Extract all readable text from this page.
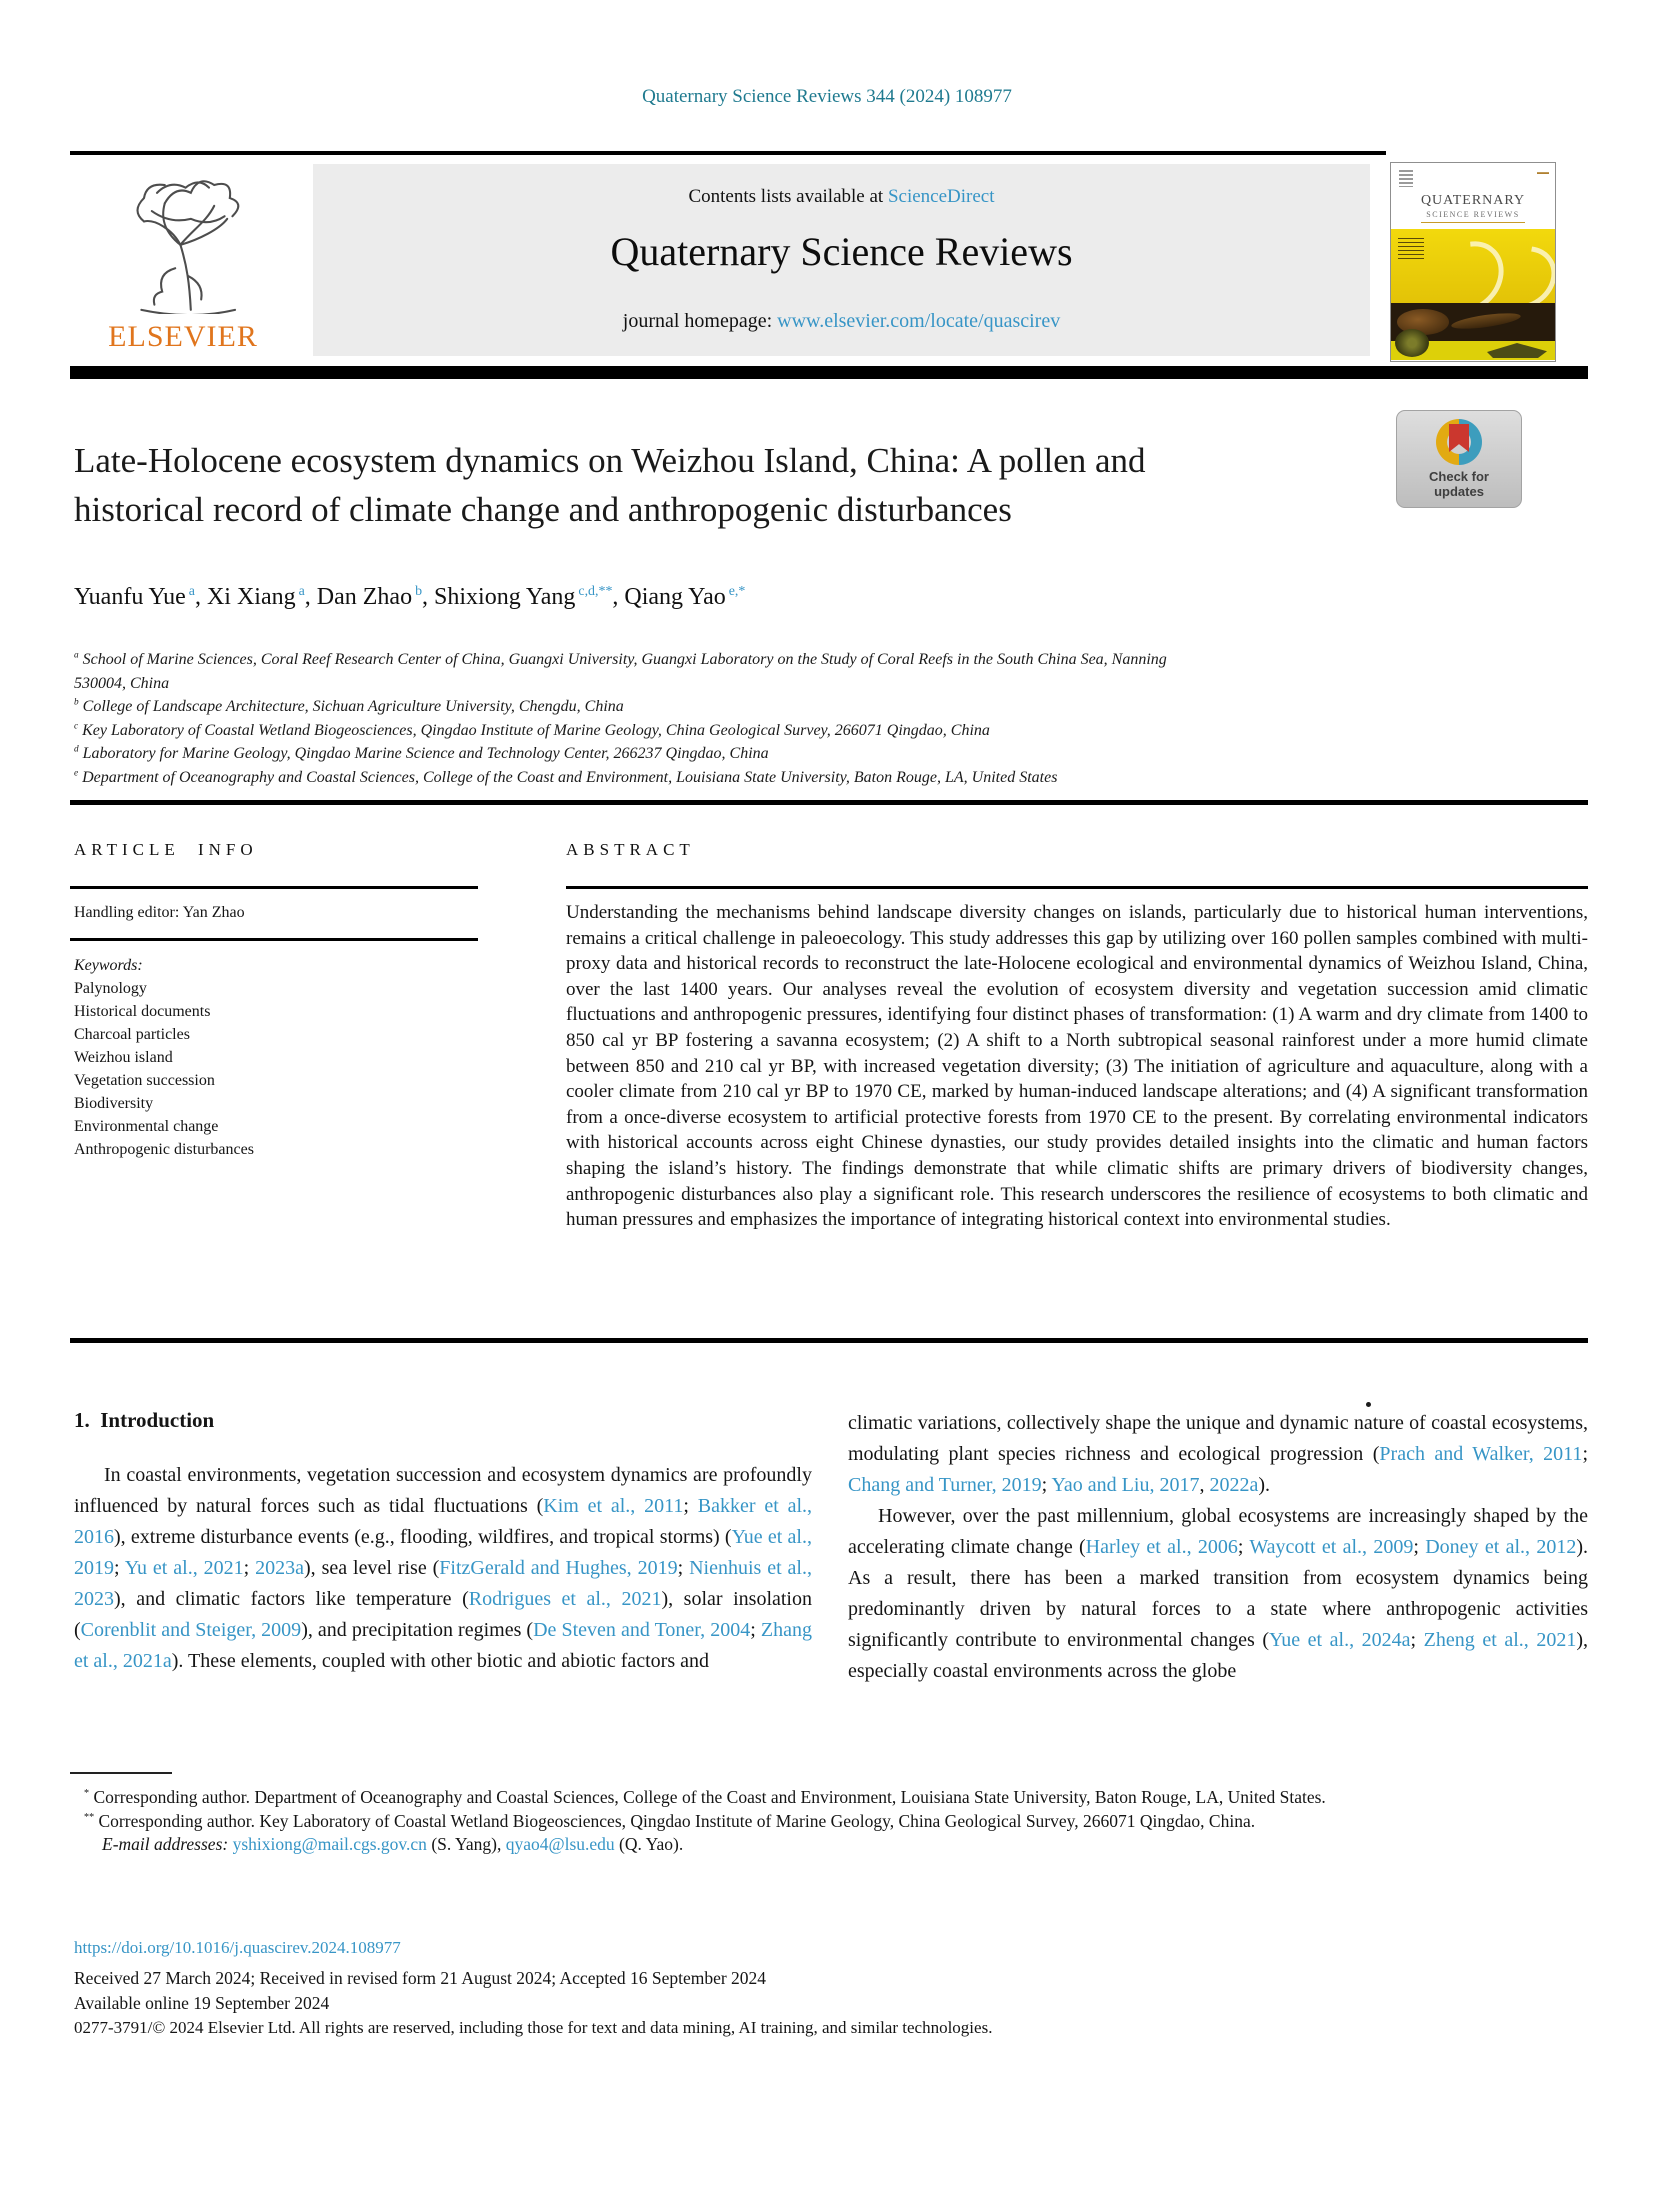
Quaternary Science Reviews 344 (2024) 108977
ELSEVIER
Contents lists available at ScienceDirect
Quaternary Science Reviews
journal homepage: www.elsevier.com/locate/quascirev
▬▬
QUATERNARY
SCIENCE REVIEWS
Late-Holocene ecosystem dynamics on Weizhou Island, China: A pollen and
historical record of climate change and anthropogenic disturbances
Check for
updates
Yuanfu Yue $^a$, Xi Xiang $^a$, Dan Zhao $^b$, Shixiong Yang $^{c,d,**}$, Qiang Yao $^{e,*}$
$^a$ School of Marine Sciences, Coral Reef Research Center of China, Guangxi University, Guangxi Laboratory on the Study of Coral Reefs in the South China Sea, Nanning
530004, China
$^b$ College of Landscape Architecture, Sichuan Agriculture University, Chengdu, China
$^c$ Key Laboratory of Coastal Wetland Biogeosciences, Qingdao Institute of Marine Geology, China Geological Survey, 266071 Qingdao, China
$^d$ Laboratory for Marine Geology, Qingdao Marine Science and Technology Center, 266237 Qingdao, China
$^e$ Department of Oceanography and Coastal Sciences, College of the Coast and Environment, Louisiana State University, Baton Rouge, LA, United States
ARTICLE INFO	ABSTRACT
Handling editor: Yan Zhao
Keywords:
Palynology
Historical documents
Charcoal particles
Weizhou island
Vegetation succession
Biodiversity
Environmental change
Anthropogenic disturbances
Understanding the mechanisms behind landscape diversity changes on islands, particularly due to historical human interventions, remains a critical challenge in paleoecology. This study addresses this gap by utilizing over 160 pollen samples combined with multi-proxy data and historical records to reconstruct the late-Holocene ecological and environmental dynamics of Weizhou Island, China, over the last 1400 years. Our analyses reveal the evolution of ecosystem diversity and vegetation succession amid climatic fluctuations and anthropogenic pressures, identifying four distinct phases of transformation: (1) A warm and dry climate from 1400 to 850 cal yr BP fostering a savanna ecosystem; (2) A shift to a North subtropical seasonal rainforest under a more humid climate between 850 and 210 cal yr BP, with increased vegetation diversity; (3) The initiation of agriculture and aquaculture, along with a cooler climate from 210 cal yr BP to 1970 CE, marked by human-induced landscape alterations; and (4) A significant transformation from a once-diverse ecosystem to artificial protective forests from 1970 CE to the present. By correlating environmental indicators with historical accounts across eight Chinese dynasties, our study provides detailed insights into the climatic and human factors shaping the island’s history. The findings demonstrate that while climatic shifts are primary drivers of biodiversity changes, anthropogenic disturbances also play a significant role. This research underscores the resilience of ecosystems to both climatic and human pressures and emphasizes the importance of integrating historical context into environmental studies.
1.  Introduction

In coastal environments, vegetation succession and ecosystem dynamics are profoundly influenced by natural forces such as tidal fluctuations (Kim et al., 2011; Bakker et al., 2016), extreme disturbance events (e.g., flooding, wildfires, and tropical storms) (Yue et al., 2019; Yu et al., 2021; 2023a), sea level rise (FitzGerald and Hughes, 2019; Nienhuis et al., 2023), and climatic factors like temperature (Rodrigues et al., 2021), solar insolation (Corenblit and Steiger, 2009), and precipitation regimes (De Steven and Toner, 2004; Zhang et al., 2021a). These elements, coupled with other biotic and abiotic factors and

climatic variations, collectively shape the unique and dynamic nature of coastal ecosystems, modulating plant species richness and ecological progression (Prach and Walker, 2011; Chang and Turner, 2019; Yao and Liu, 2017, 2022a).

However, over the past millennium, global ecosystems are increasingly shaped by the accelerating climate change (Harley et al., 2006; Waycott et al., 2009; Doney et al., 2012). As a result, there has been a marked transition from ecosystem dynamics being predominantly driven by natural forces to a state where anthropogenic activities significantly contribute to environmental changes (Yue et al., 2024a; Zheng et al., 2021), especially coastal environments across the globe

* Corresponding author. Department of Oceanography and Coastal Sciences, College of the Coast and Environment, Louisiana State University, Baton Rouge, LA, United States.
** Corresponding author. Key Laboratory of Coastal Wetland Biogeosciences, Qingdao Institute of Marine Geology, China Geological Survey, 266071 Qingdao, China.
E-mail addresses: yshixiong@mail.cgs.gov.cn (S. Yang), qyao4@lsu.edu (Q. Yao).
https://doi.org/10.1016/j.quascirev.2024.108977
Received 27 March 2024; Received in revised form 21 August 2024; Accepted 16 September 2024
Available online 19 September 2024
0277-3791/© 2024 Elsevier Ltd. All rights are reserved, including those for text and data mining, AI training, and similar technologies.
